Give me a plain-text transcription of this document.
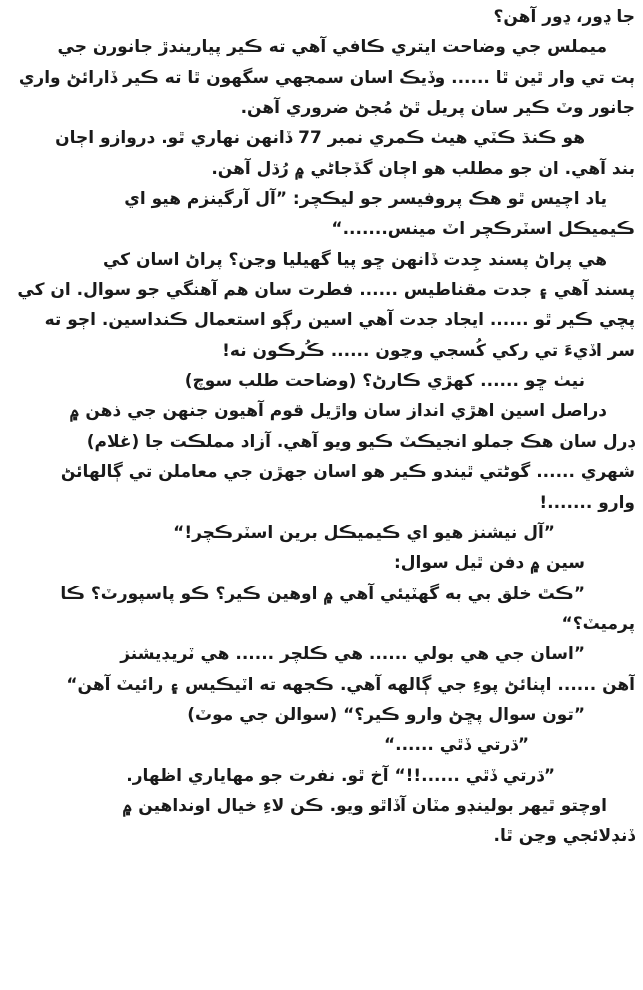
جا ڍور، ڍور آهن؟
ميملس جي وضاحت ايتري ڪافي آهي ته ڪير پياريندڙ جانورن جي
ٻت تي وار ٿين ٿا ...... وڏيڪ اسان سمجهي سگهون ٿا ته ڪير ڏارائڻ واري
جانور وٽ ڪير سان پريل ٿڻ مُجڻ ضروري آهن.
هو ڪنڌ ڪٽي هيٺ ڪمري نمبر 77 ڏانهن نهاري ٿو. دروازو اڄان
بند آهي. ان جو مطلب هو اڄان گڏجاڻي ۾ رُڌل آهن.
ياد اچيس ٿو هڪ پروفيسر جو ليڪچر: ”آل آرگينزم هيو اي
ڪيميڪل اسٽرڪچر اٽ مينس.......“
هي پراڻ پسند جِدت ڏانهن ڇو پيا گهيليا وڃن؟ پراڻ اسان کي
پسند آهي ۽ جدت مقناطيس ...... فطرت سان هم آهنگي جو سوال. ان کي
پچي ڪير ٿو ...... ايجاد جدت آهي اسين رڳو استعمال ڪنداسين. اڄو ته
سر اڏيءَ تي رکي کُسجي وڃون ...... ڪُرڪون نه!
نيٺ ڇو ...... کهڙي ڪارڻ؟ (وضاحت طلب سوچ)
دراصل اسين اهڙي انداز سان واڙيل قوم آهيون جنهن جي ذهن ۾
ڊرل سان هڪ جملو انجيڪٽ ڪيو ويو آهي. آزاد مملڪت جا (غلام)
شهري ...... گوڻتي ٿيندو ڪير هو اسان جهڙن جي معاملن تي ڳالهائڻ
وارو .......!
”آل نيشنز هيو اي ڪيميڪل برين اسٽرڪچر!“
سين ۾ دفن ٿيل سوال:
”ڪٿ خلق بي به گهٽيئي آهي ۾ اوهين ڪير؟ ڪو پاسپورٽ؟ ڪا
پرميٽ؟“
”اسان جي هي بولي ...... هي ڪلچر ...... هي ٽريڊيشنز
آهن ...... اپنائڻ پوءِ جي ڳالهه آهي. ڪجهه ته اٽيڪيس ۽ رائيٽ آهن“
”تون سوال پڇڻ وارو ڪير؟“ (سوالن جي موٽ)
”ڌرتي ڏٿي ......“
”ڌرتي ڏٿي ......!!“ آخ ٿو. نفرت جو مهاياري اظهار.
اوچتو ٿيهر بولينڊو مٽان آڏاٿو ويو. ڪن لاءِ خيال اونداهين ۾
ڏنڊلائجي وڃن ٿا.
